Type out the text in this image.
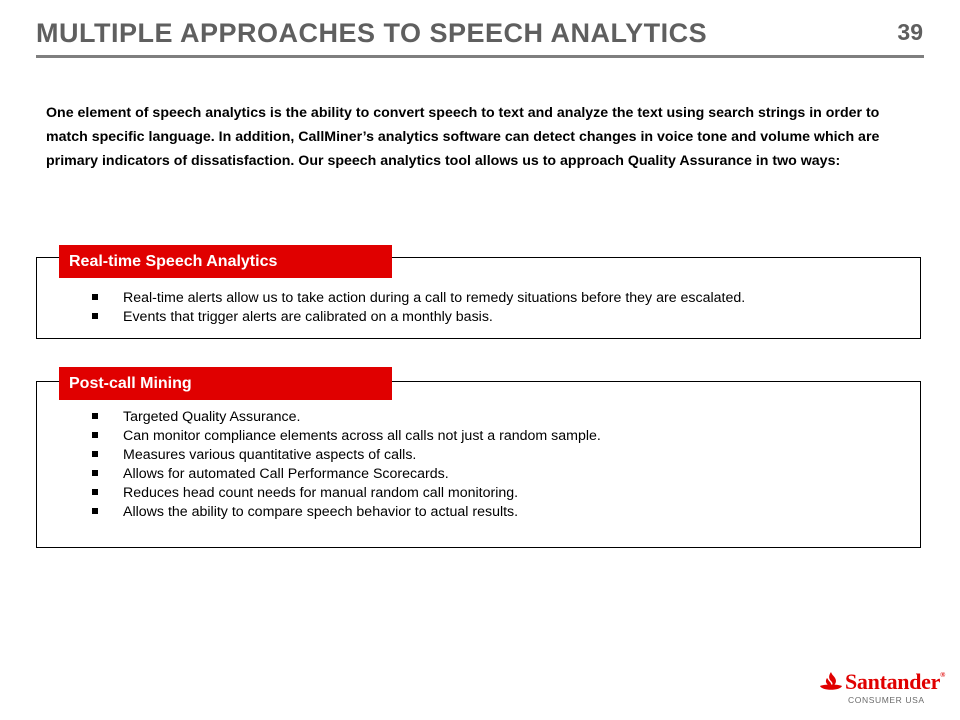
MULTIPLE APPROACHES TO SPEECH ANALYTICS	39

One element of speech analytics is the ability to convert speech to text and analyze the text using search strings in order to match specific language. In addition, CallMiner’s analytics software can detect changes in voice tone and volume which are primary indicators of dissatisfaction. Our speech analytics tool allows us to approach Quality Assurance in two ways:

Real-time Speech Analytics
Real-time alerts allow us to take action during a call to remedy situations before they are escalated.
Events that trigger alerts are calibrated on a monthly basis.
Post-call Mining
Targeted Quality Assurance.
Can monitor compliance elements across all calls not just a random sample.
Measures various quantitative aspects of calls.
Allows for automated Call Performance Scorecards.
Reduces head count needs for manual random call monitoring.
Allows the ability to compare speech behavior to actual results.
Santander®
CONSUMER USA
